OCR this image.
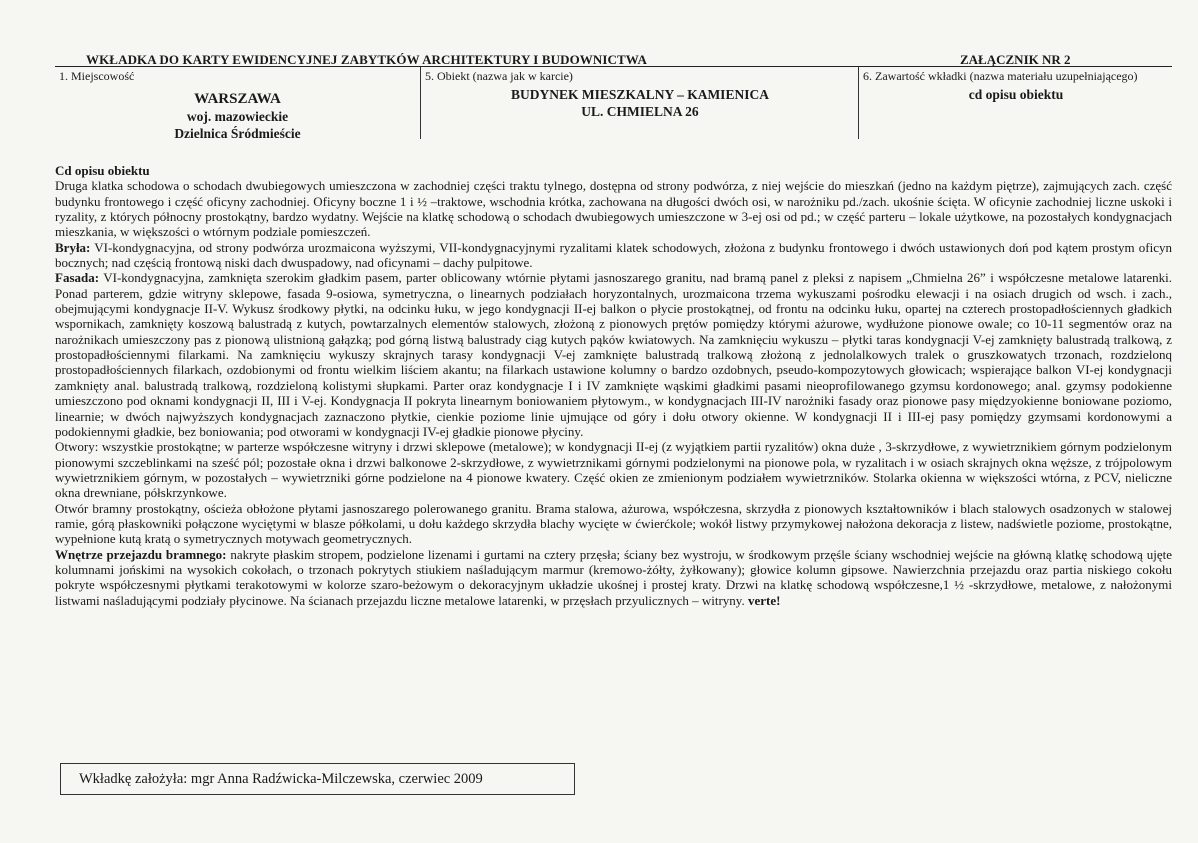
WKŁADKA DO KARTY EWIDENCYJNEJ ZABYTKÓW ARCHITEKTURY I BUDOWNICTWA	ZAŁĄCZNIK NR 2
1. Miejscowość
WARSZAWA
woj. mazowieckie
Dzielnica Śródmieście
5. Obiekt (nazwa jak w karcie)
BUDYNEK MIESZKALNY – KAMIENICA
UL. CHMIELNA 26
6. Zawartość wkładki (nazwa materiału uzupełniającego)
cd opisu obiektu

Cd opisu obiektu

Druga klatka schodowa o schodach dwubiegowych umieszczona w zachodniej części traktu tylnego, dostępna od strony podwórza, z niej wejście do mieszkań (jedno na każdym piętrze), zajmujących zach. część budynku frontowego i część oficyny zachodniej. Oficyny boczne 1 i ½ –traktowe, wschodnia krótka, zachowana na długości dwóch osi, w narożniku pd./zach. ukośnie ścięta. W oficynie zachodniej liczne uskoki i ryzality, z których północny prostokątny, bardzo wydatny. Wejście na klatkę schodową o schodach dwubiegowych umieszczone w 3-ej osi od pd.; w część parteru – lokale użytkowe, na pozostałych kondygnacjach mieszkania, w większości o wtórnym podziale pomieszczeń.

Bryła: VI-kondygnacyjna, od strony podwórza urozmaicona wyższymi, VII-kondygnacyjnymi ryzalitami klatek schodowych, złożona z budynku frontowego i dwóch ustawionych doń pod kątem prostym oficyn bocznych; nad częścią frontową niski dach dwuspadowy, nad oficynami – dachy pulpitowe.

Fasada: VI-kondygnacyjna, zamknięta szerokim gładkim pasem, parter oblicowany wtórnie płytami jasnoszarego granitu, nad bramą panel z pleksi z napisem „Chmielna 26” i współczesne metalowe latarenki. Ponad parterem, gdzie witryny sklepowe, fasada 9-osiowa, symetryczna, o linearnych podziałach horyzontalnych, urozmaicona trzema wykuszami pośrodku elewacji i na osiach drugich od wsch. i zach., obejmującymi kondygnacje II-V. Wykusz środkowy płytki, na odcinku łuku, w jego kondygnacji II-ej balkon o płycie prostokątnej, od frontu na odcinku łuku, opartej na czterech prostopadłościennych gładkich wspornikach, zamknięty koszową balustradą z kutych, powtarzalnych elementów stalowych, złożoną z pionowych prętów pomiędzy którymi ażurowe, wydłużone pionowe owale; co 10-11 segmentów oraz na narożnikach umieszczony pas z pionową ulistnioną gałązką; pod górną listwą balustrady ciąg kutych pąków kwiatowych. Na zamknięciu wykuszu – płytki taras kondygnacji V-ej zamknięty balustradą tralkową, z prostopadłościennymi filarkami. Na zamknięciu wykuszy skrajnych tarasy kondygnacji V-ej zamknięte balustradą tralkową złożoną z jednolalkowych tralek o gruszkowatych trzonach, rozdzielonq prostopadłościennych filarkach, ozdobionymi od frontu wielkim liściem akantu; na filarkach ustawione kolumny o bardzo ozdobnych, pseudo-kompozytowych głowicach; wspierające balkon VI-ej kondygnacji zamknięty anal. balustradą tralkową, rozdzieloną kolistymi słupkami. Parter oraz kondygnacje I i IV zamknięte wąskimi gładkimi pasami nieoprofilowanego gzymsu kordonowego; anal. gzymsy podokienne umieszczono pod oknami kondygnacji II, III i V-ej. Kondygnacja II pokryta linearnym boniowaniem płytowym., w kondygnacjach III-IV narożniki fasady oraz pionowe pasy międzyokienne boniowane poziomo, linearnie; w dwóch najwyższych kondygnacjach zaznaczono płytkie, cienkie poziome linie ujmujące od góry i dołu otwory okienne. W kondygnacji II i III-ej pasy pomiędzy gzymsami kordonowymi a podokiennymi gładkie, bez boniowania; pod otworami w kondygnacji IV-ej gładkie pionowe płyciny.

Otwory: wszystkie prostokątne; w parterze współczesne witryny i drzwi sklepowe (metalowe); w kondygnacji II-ej (z wyjątkiem partii ryzalitów) okna duże , 3-skrzydłowe, z wywietrznikiem górnym podzielonym pionowymi szczeblinkami na sześć pól; pozostałe okna i drzwi balkonowe 2-skrzydłowe, z wywietrznikami górnymi podzielonymi na pionowe pola, w ryzalitach i w osiach skrajnych okna węższe, z trójpolowym wywietrznikiem górnym, w pozostałych – wywietrzniki górne podzielone na 4 pionowe kwatery. Część okien ze zmienionym podziałem wywietrzników. Stolarka okienna w większości wtórna, z PCV, nieliczne okna drewniane, półskrzynkowe.

Otwór bramny prostokątny, ościeża obłożone płytami jasnoszarego polerowanego granitu. Brama stalowa, ażurowa, współczesna, skrzydła z pionowych kształtowników i blach stalowych osadzonych w stalowej ramie, górą płaskowniki połączone wyciętymi w blasze półkolami, u dołu każdego skrzydła blachy wycięte w ćwierćkole; wokół listwy przymykowej nałożona dekoracja z listew, nadświetle poziome, prostokątne, wypełnione kutą kratą o symetrycznych motywach geometrycznych.

Wnętrze przejazdu bramnego: nakryte płaskim stropem, podzielone lizenami i gurtami na cztery przęsła; ściany bez wystroju, w środkowym przęśle ściany wschodniej wejście na główną klatkę schodową ujęte kolumnami jońskimi na wysokich cokołach, o trzonach pokrytych stiukiem naśladującym marmur (kremowo-żółty, żyłkowany); głowice kolumn gipsowe. Nawierzchnia przejazdu oraz partia niskiego cokołu pokryte współczesnymi płytkami terakotowymi w kolorze szaro-beżowym o dekoracyjnym układzie ukośnej i prostej kraty. Drzwi na klatkę schodową współczesne,1 ½ -skrzydłowe, metalowe, z nałożonymi listwami naśladującymi podziały płycinowe. Na ścianach przejazdu liczne metalowe latarenki, w przęsłach przyulicznych – witryny. verte!

Wkładkę założyła: mgr Anna Radźwicka-Milczewska, czerwiec 2009
